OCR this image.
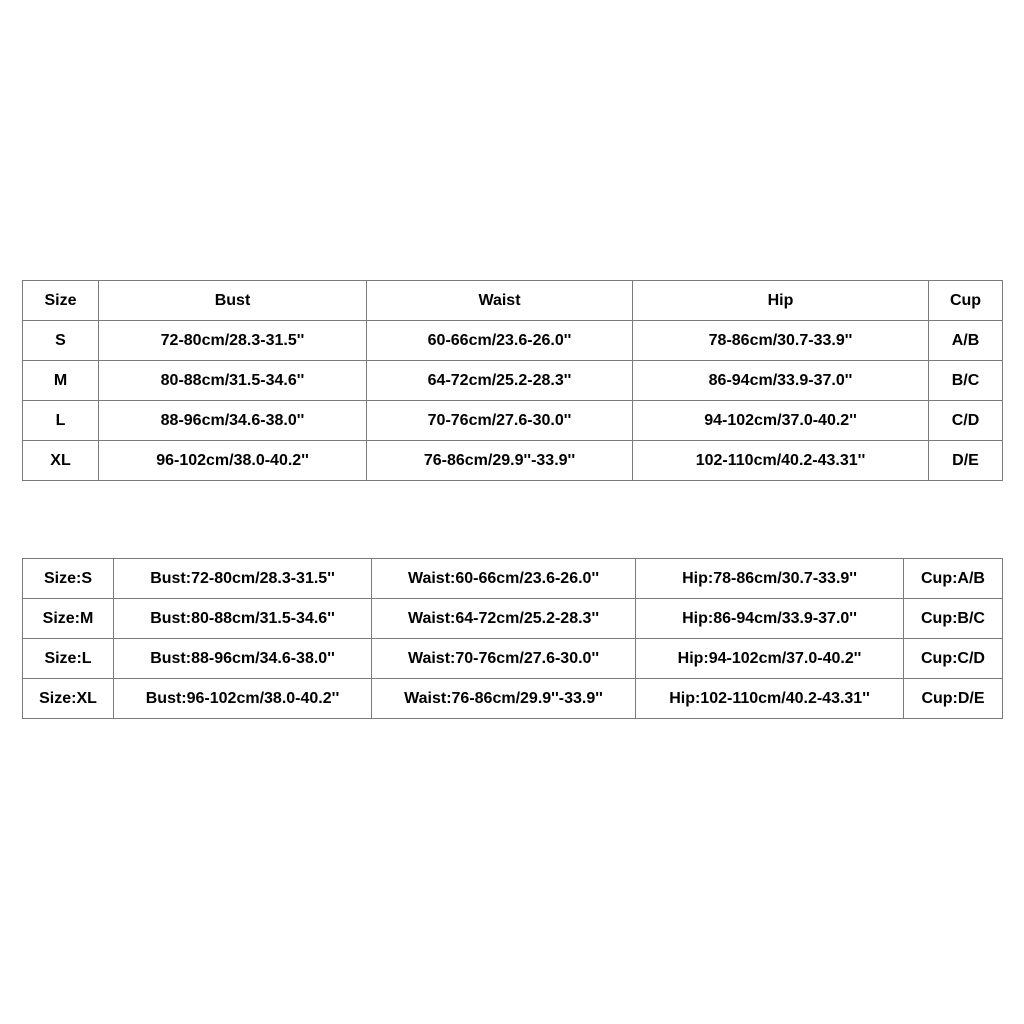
Size	Bust	Waist	Hip	Cup
S	72-80cm/28.3-31.5''	60-66cm/23.6-26.0''	78-86cm/30.7-33.9''	A/B
M	80-88cm/31.5-34.6''	64-72cm/25.2-28.3''	86-94cm/33.9-37.0''	B/C
L	88-96cm/34.6-38.0''	70-76cm/27.6-30.0''	94-102cm/37.0-40.2''	C/D
XL	96-102cm/38.0-40.2''	76-86cm/29.9''-33.9''	102-110cm/40.2-43.31''	D/E
Size:S	Bust:72-80cm/28.3-31.5''	Waist:60-66cm/23.6-26.0''	Hip:78-86cm/30.7-33.9''	Cup:A/B
Size:M	Bust:80-88cm/31.5-34.6''	Waist:64-72cm/25.2-28.3''	Hip:86-94cm/33.9-37.0''	Cup:B/C
Size:L	Bust:88-96cm/34.6-38.0''	Waist:70-76cm/27.6-30.0''	Hip:94-102cm/37.0-40.2''	Cup:C/D
Size:XL	Bust:96-102cm/38.0-40.2''	Waist:76-86cm/29.9''-33.9''	Hip:102-110cm/40.2-43.31''	Cup:D/E
